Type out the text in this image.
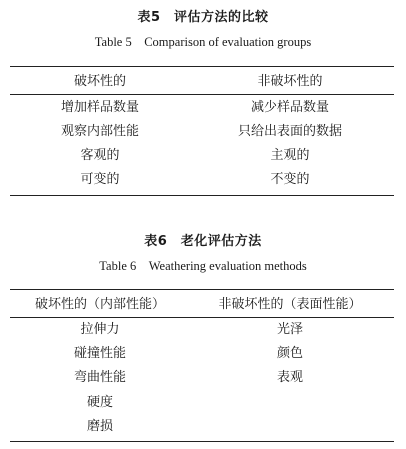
表5　评估方法的比较
Table 5　Comparison of evaluation groups
破坏性的	非破坏性的
增加样品数量	减少样品数量
观察内部性能	只给出表面的数据
客观的	主观的
可变的	不变的
表6　老化评估方法
Table 6　Weathering evaluation methods
破坏性的（内部性能）	非破坏性的（表面性能）
拉伸力	光泽
碰撞性能	颜色
弯曲性能	表观
硬度
磨损
